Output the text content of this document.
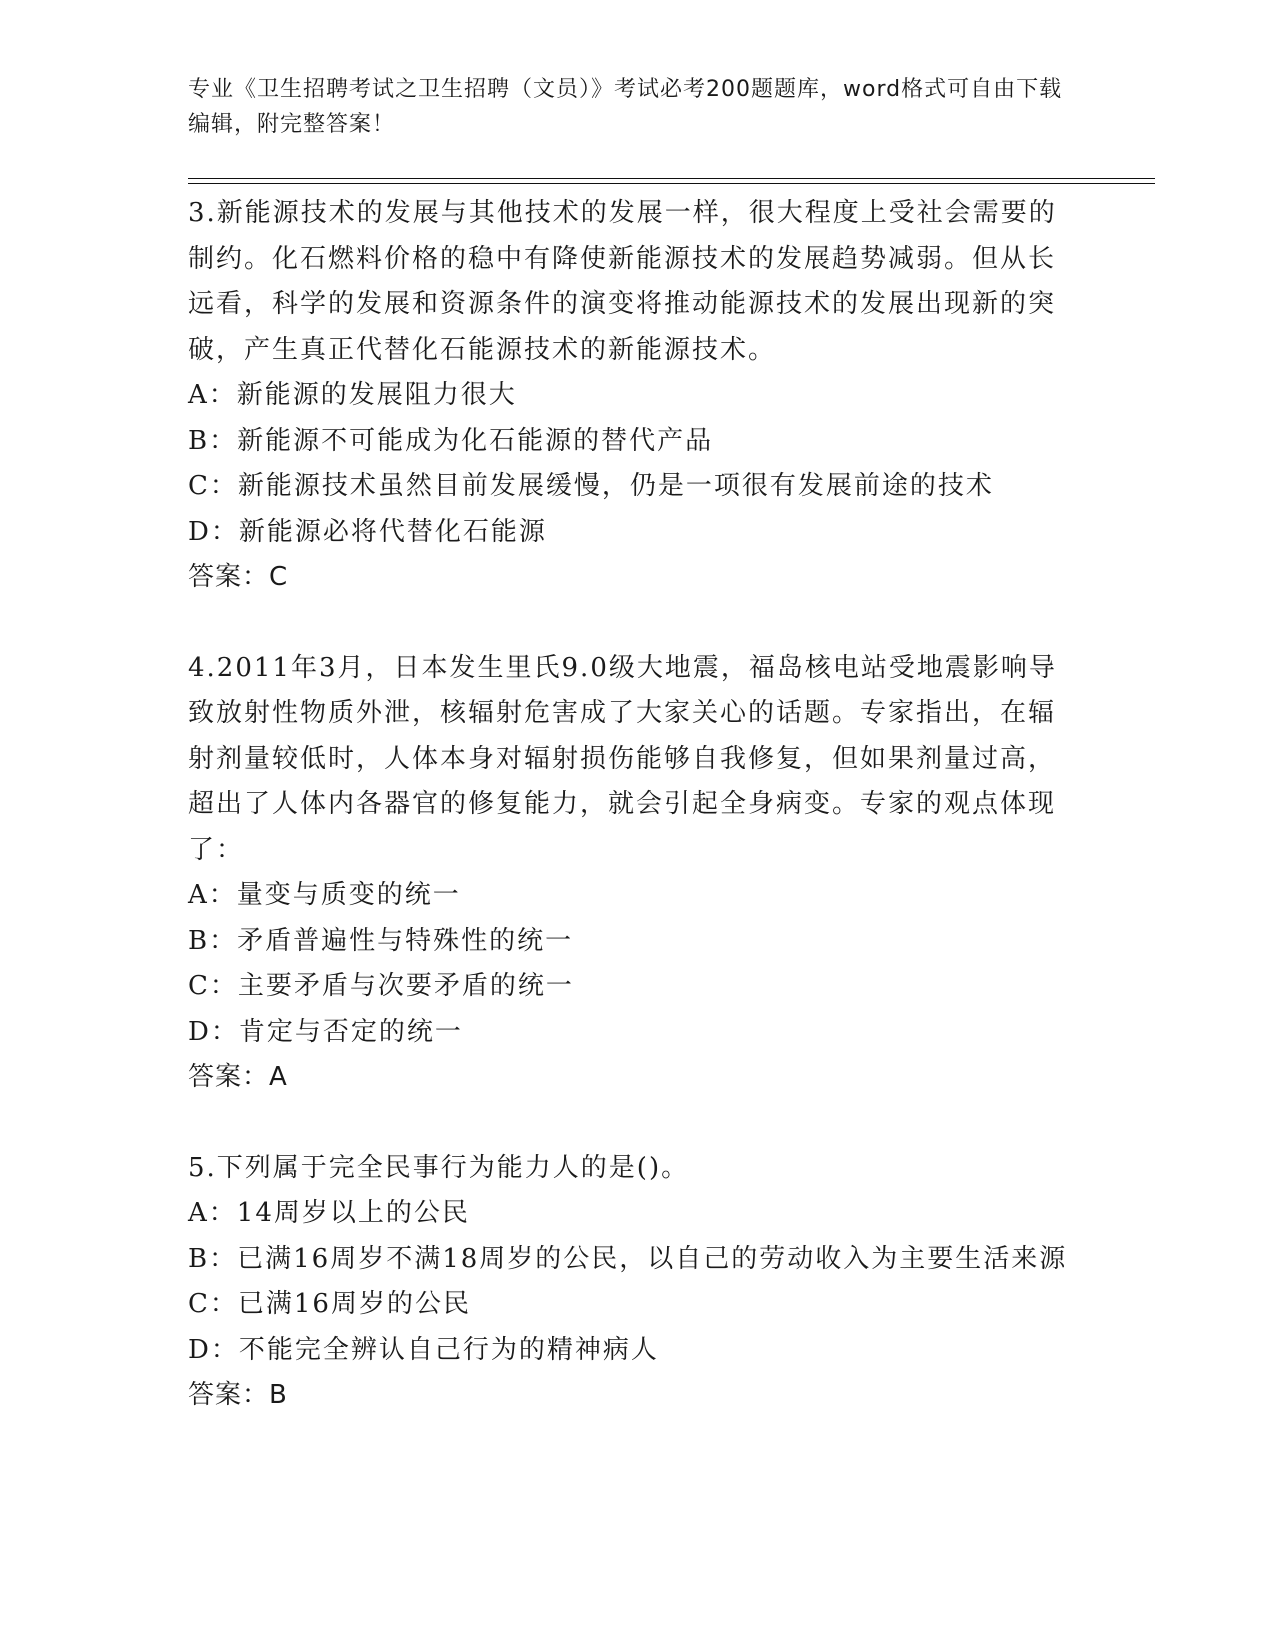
专业《卫生招聘考试之卫生招聘（文员）》考试必考200题题库，word格式可自由下载编辑，附完整答案！

3.新能源技术的发展与其他技术的发展一样，很大程度上受社会需要的制约。化石燃料价格的稳中有降使新能源技术的发展趋势减弱。但从长远看，科学的发展和资源条件的演变将推动能源技术的发展出现新的突破，产生真正代替化石能源技术的新能源技术。

A：新能源的发展阻力很大

B：新能源不可能成为化石能源的替代产品

C：新能源技术虽然目前发展缓慢，仍是一项很有发展前途的技术

D：新能源必将代替化石能源

答案：C

4.2011年3月，日本发生里氏9.0级大地震，福岛核电站受地震影响导致放射性物质外泄，核辐射危害成了大家关心的话题。专家指出，在辐射剂量较低时，人体本身对辐射损伤能够自我修复，但如果剂量过高，超出了人体内各器官的修复能力，就会引起全身病变。专家的观点体现了：

A：量变与质变的统一

B：矛盾普遍性与特殊性的统一

C：主要矛盾与次要矛盾的统一

D：肯定与否定的统一

答案：A

5.下列属于完全民事行为能力人的是()。

A：14周岁以上的公民

B：已满16周岁不满18周岁的公民，以自己的劳动收入为主要生活来源

C：已满16周岁的公民

D：不能完全辨认自己行为的精神病人

答案：B
